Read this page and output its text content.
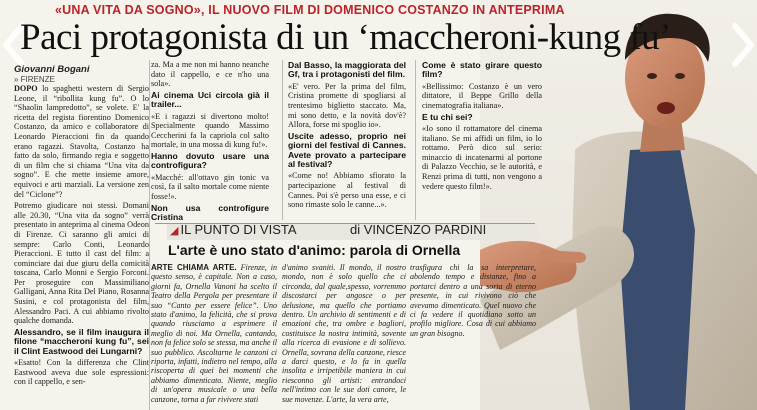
«UNA VITA DA SOGNO», IL NUOVO FILM DI DOMENICO COSTANZO IN ANTEPRIMA
Paci protagonista di un ‘maccheroni-kung fu’
Giovanni Bogani
» FIRENZE

DOPO lo spaghetti western di Sergio Leone, il “ribollita kung fu”. O lo “Shaolin lampredotto”, se volete. E' la ricetta del regista fiorentino Domenico Costanzo, da amico e collaboratore di Leonardo Pieraccioni fin da quando erano ragazzi. Stavolta, Costanzo ha fatto da solo, firmando regia e soggetto di un film che si chiama “Una vita da sogno”. E che mette insieme amore, equivoci e arti marziali. La versione zen del “Ciclone”?

Potremo giudicare noi stessi. Domani alle 20.30, “Una vita da sogno” verrà presentato in anteprima al cinema Odeon di Firenze. Ci saranno gli amici di sempre: Carlo Conti, Leonardo Pieraccioni. E tutto il cast del film: a cominciare dai due giuru della comicità toscana, Carlo Monni e Sergio Forconi. Per proseguire con Massimiliano Galligani, Anna Rita Del Piano, Rosanna Susini, e col protagonista del film, Alessandro Paci. A cui abbiamo rivolto qualche domanda.

Alessandro, se il film inaugura il filone “maccheroni kung fu”, sei il Clint Eastwood dei Lungarni?

«Esatto! Con la differenza che Clint Eastwood aveva due sole espressioni: con il cappello, e sen-

za. Ma a me non mi hanno neanche dato il cappello, e ce n'ho una sola».

Ai cinema Uci circola già il trailer...

«E i ragazzi si divertono molto! Specialmente quando Massimo Ceccherini fa la capriola col salto mortale, in una mossa di kung fu!».

Hanno dovuto usare una controfigura?

«Macché: all'ottavo gin tonic va così, fa il salto mortale come niente fosse!».

Non usa controfigure Cristina
Dal Basso, la maggiorata del Gf, tra i protagonisti del film.

«E' vero. Per la prima del film, Cristina promette di spogliarsi al trentesimo biglietto staccato. Ma, mi sono detto, e la novità dov'è? Allora, forse mi spoglio io».

Uscite adesso, proprio nei giorni del festival di Cannes. Avete provato a partecipare al festival?

«Come no! Abbiamo sfiorato la partecipazione al festival di Cannes. Poi s'è perso una esse, e ci sono rimaste solo le canne...».

Come è stato girare questo film?

«Bellissimo: Costanzo è un vero dittatore, il Beppe Grillo della cinematografia italiana».

E tu chi sei?

«Io sono il rottamatore del cinema italiano. Se mi affidi un film, io lo rottamo. Però dico sul serio: minaccio di incatenarmi al portone di Palazzo Vecchio, se le autorità, e Renzi prima di tutti, non vengono a vedere questo film!».

◢ IL PUNTO DI VISTA	di VINCENZO PARDINI
L'arte è uno stato d'animo: parola di Ornella
ARTE CHIAMA ARTE. Firenze, in questo senso, è capitale. Non a caso, giorni fa, Ornella Vanoni ha scelto il Teatro della Pergola per presentare il suo “Canto per essere felice”. Uno stato d'animo, la felicità, che si prova quando riusciamo a esprimere il meglio di noi. Ma Ornella, cantando, non fa felice solo se stessa, ma anche il suo pubblico. Ascoltarne le canzoni ci riporta, infatti, indietro nel tempo, alla riscoperta di quei bei momenti che abbiamo dimenticato. Niente, meglio di un'opera musicale o una bella canzone, torna a far rivivere stati
d'animo svaniti. Il mondo, il nostro mondo, non è solo quello che ci circonda, dal quale,spesso, vorremmo discostarci per angosce o per delusione, ma quello che portiamo dentro. Un archivio di sentimenti e di emozioni che, tra ombre e bagliori, costituisce la nostra intimità, sovente alla ricerca di evasione e di sollievo. Ornella, sovrana della canzone, riesce a darci questo, e lo fa in quella insolita e irripetibile maniera in cui riesconno gli artisti: entrandoci nell'intimo con le sue doti canore, le sue movenze. L'arte, la vera arte,
trasfigura chi la sa interpretare, abolendo tempo e distanze, fino a portarci dentro a una sorta di eterno presente, in cui rivivono ciò che avevamo dimenticato. Quel nuovo che ci fa vedere il quotidiano sotto un profilo migliore. Cosa di cui abbiamo un gran bisogno.
